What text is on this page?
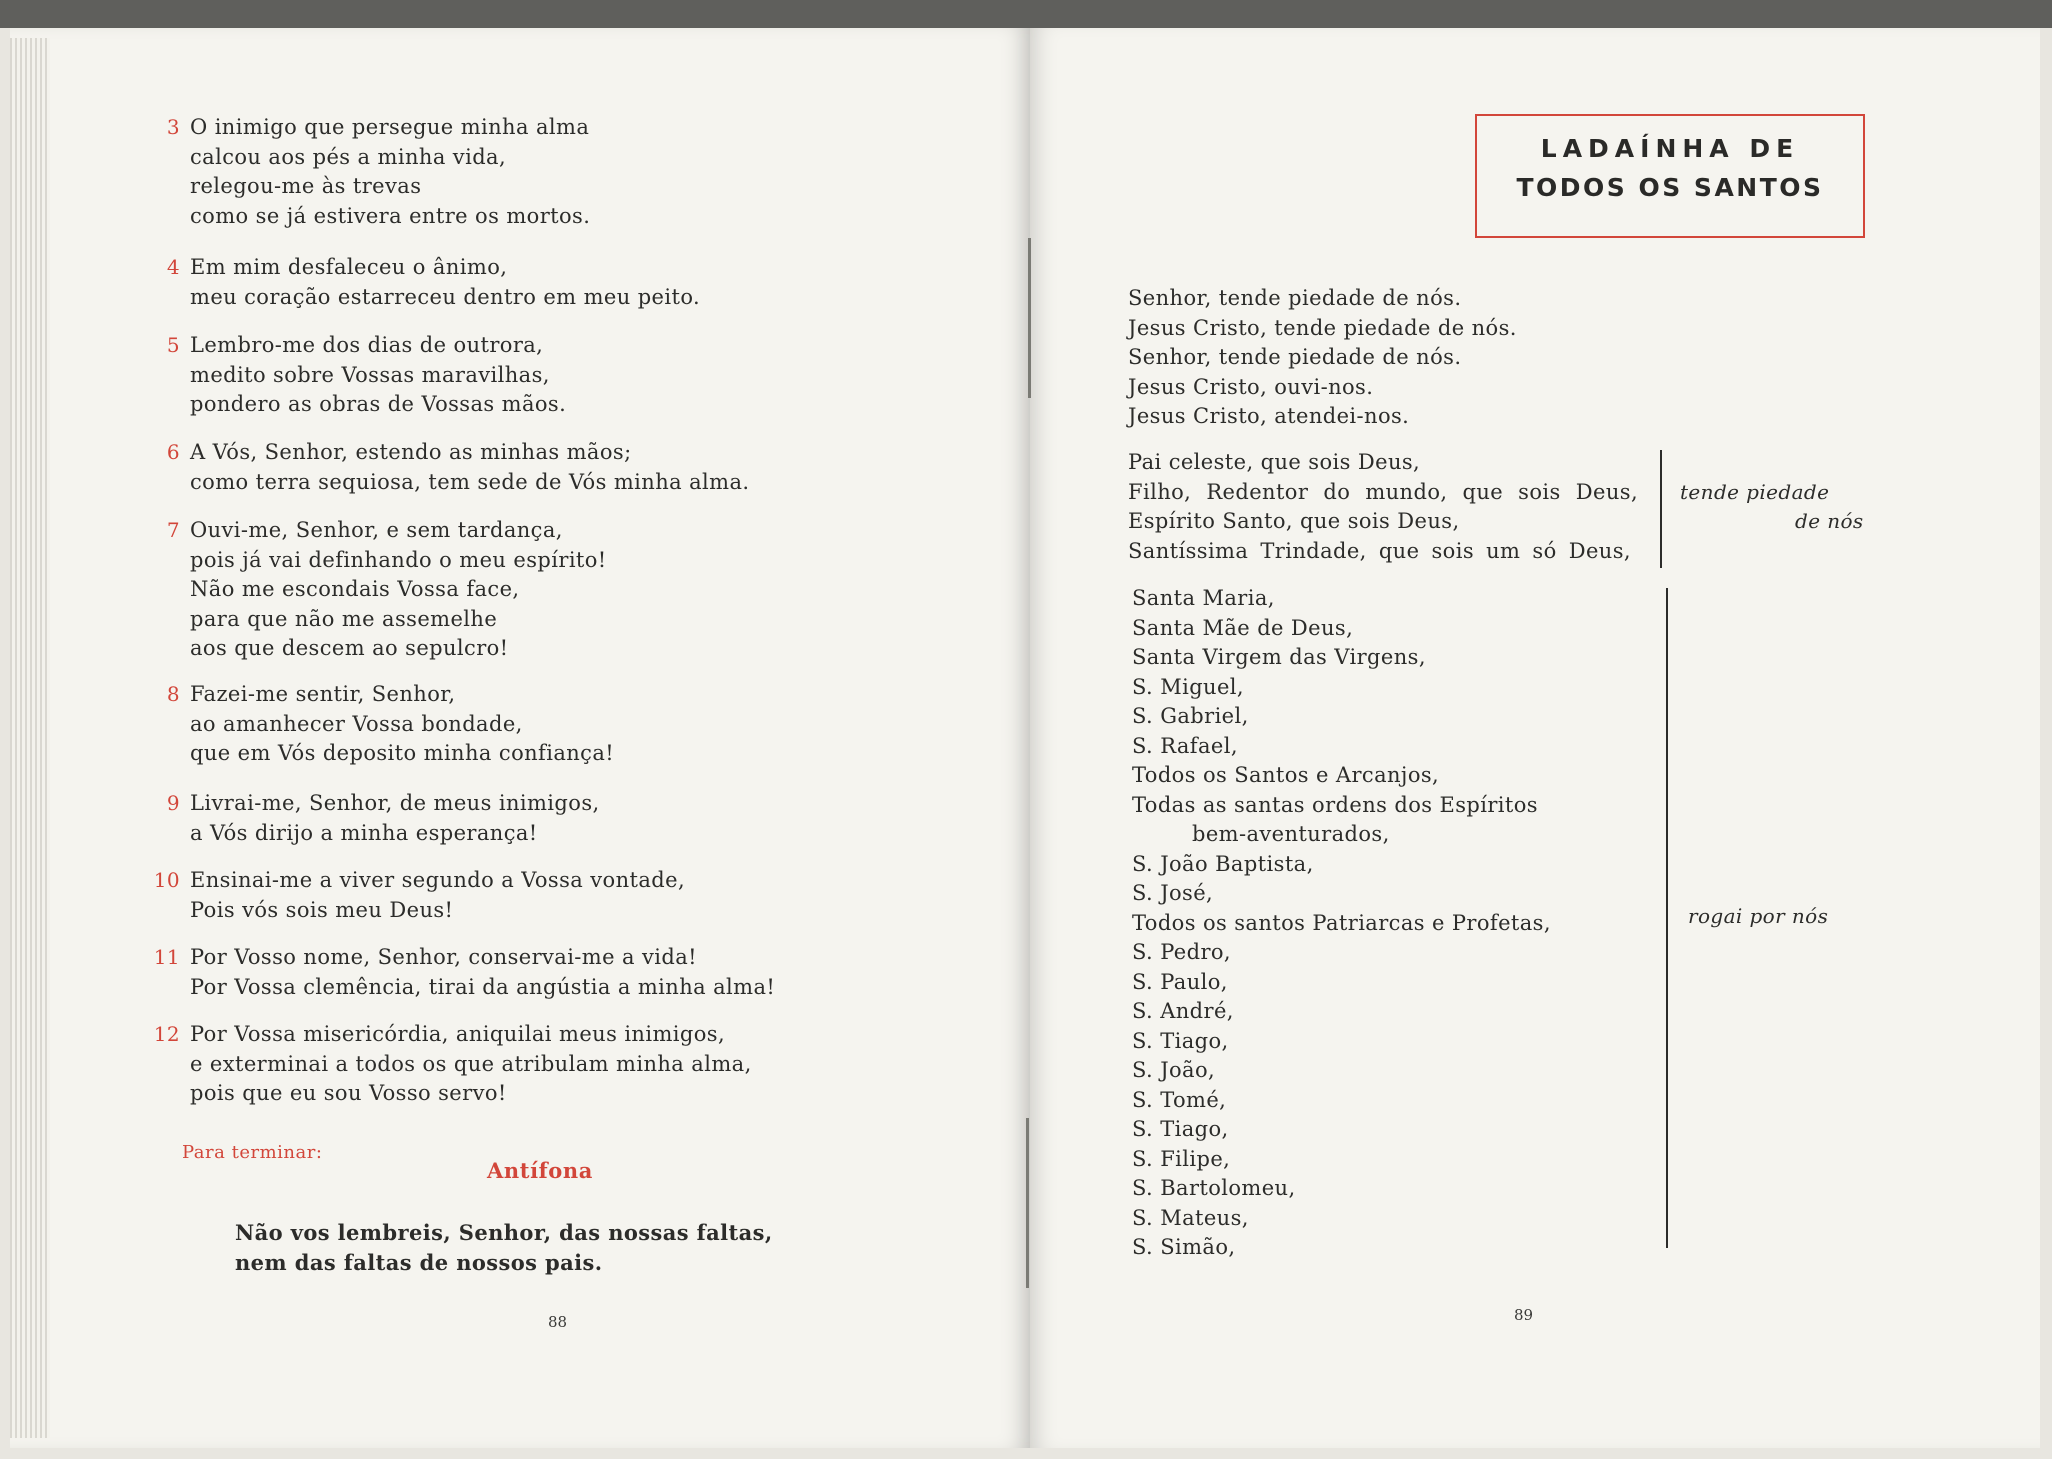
3 O inimigo que persegue minha alma
calcou aos pés a minha vida,
relegou-me às trevas
como se já estivera entre os mortos.
4 Em mim desfaleceu o ânimo,
meu coração estarreceu dentro em meu peito.
5 Lembro-me dos dias de outrora,
medito sobre Vossas maravilhas,
pondero as obras de Vossas mãos.
6 A Vós, Senhor, estendo as minhas mãos;
como terra sequiosa, tem sede de Vós minha alma.
7 Ouvi-me, Senhor, e sem tardança,
pois já vai definhando o meu espírito!
Não me escondais Vossa face,
para que não me assemelhe
aos que descem ao sepulcro!
8 Fazei-me sentir, Senhor,
ao amanhecer Vossa bondade,
que em Vós deposito minha confiança!
9 Livrai-me, Senhor, de meus inimigos,
a Vós dirijo a minha esperança!
10 Ensinai-me a viver segundo a Vossa vontade,
Pois vós sois meu Deus!
11 Por Vosso nome, Senhor, conservai-me a vida!
Por Vossa clemência, tirai da angústia a minha alma!
12 Por Vossa misericórdia, aniquilai meus inimigos,
e exterminai a todos os que atribulam minha alma,
pois que eu sou Vosso servo!
Para terminar:
Antífona
Não vos lembreis, Senhor, das nossas faltas,
nem das faltas de nossos pais.
88
LADAÍNHA DE
TODOS OS SANTOS
Senhor, tende piedade de nós.
Jesus Cristo, tende piedade de nós.
Senhor, tende piedade de nós.
Jesus Cristo, ouvi-nos.
Jesus Cristo, atendei-nos.
Pai celeste, que sois Deus,
Filho, Redentor do mundo, que sois Deus,
Espírito Santo, que sois Deus,
Santíssima Trindade, que sois um só Deus,
tende piedade
de nós
Santa Maria,
Santa Mãe de Deus,
Santa Virgem das Virgens,
S. Miguel,
S. Gabriel,
S. Rafael,
Todos os Santos e Arcanjos,
Todas as santas ordens dos Espíritos
bem-aventurados,
S. João Baptista,
S. José,
Todos os santos Patriarcas e Profetas,
S. Pedro,
S. Paulo,
S. André,
S. Tiago,
S. João,
S. Tomé,
S. Tiago,
S. Filipe,
S. Bartolomeu,
S. Mateus,
S. Simão,
rogai por nós
89
